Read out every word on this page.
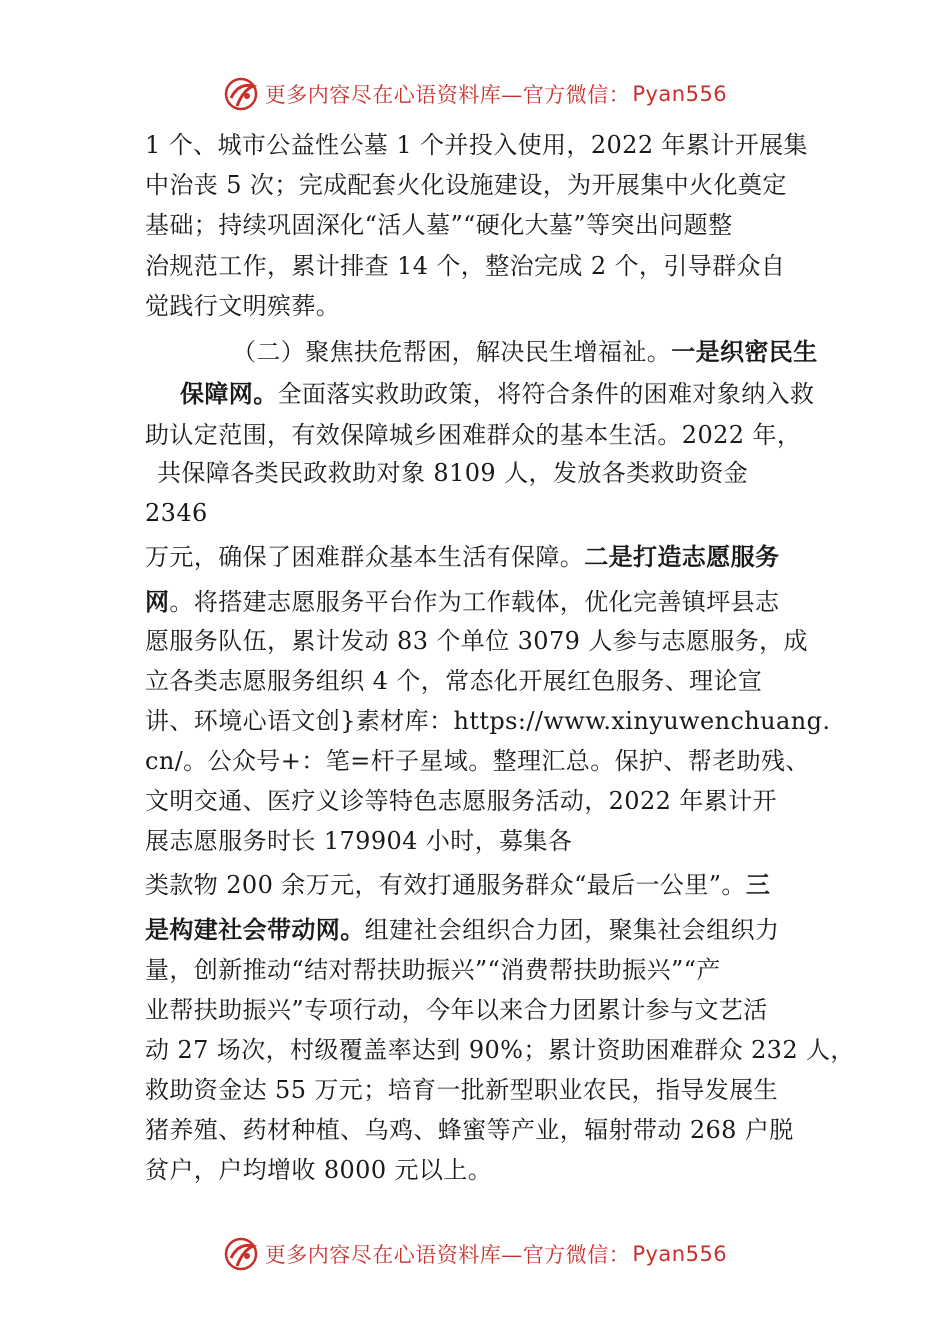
更多内容尽在心语资料库—官方微信： Pyan556
1 个、城市公益性公墓 1 个并投入使用，2022 年累计开展集
中治丧 5 次；完成配套火化设施建设，为开展集中火化奠定
基础；持续巩固深化“活人墓”“硬化大墓”等突出问题整
治规范工作，累计排查 14 个，整治完成 2 个，引导群众自
觉践行文明殡葬。
（二）聚焦扶危帮困，解决民生增福祉。一是织密民生
保障网。全面落实救助政策，将符合条件的困难对象纳入救
助认定范围，有效保障城乡困难群众的基本生活。2022 年，
共保障各类民政救助对象 8109 人，发放各类救助资金
2346
万元，确保了困难群众基本生活有保障。二是打造志愿服务
网。将搭建志愿服务平台作为工作载体，优化完善镇坪县志
愿服务队伍，累计发动 83 个单位 3079 人参与志愿服务，成
立各类志愿服务组织 4 个，常态化开展红色服务、理论宣
讲、环境心语文创}素材库：https://www.xinyuwenchuang.
cn/。公众号+：笔=杆子星域。整理汇总。保护、帮老助残、
文明交通、医疗义诊等特色志愿服务活动，2022 年累计开
展志愿服务时长 179904 小时，募集各
类款物 200 余万元，有效打通服务群众“最后一公里”。三
是构建社会带动网。组建社会组织合力团，聚集社会组织力
量，创新推动“结对帮扶助振兴”“消费帮扶助振兴”“产
业帮扶助振兴”专项行动，今年以来合力团累计参与文艺活
动 27 场次，村级覆盖率达到 90%；累计资助困难群众 232 人，
救助资金达 55 万元；培育一批新型职业农民，指导发展生
猪养殖、药材种植、乌鸡、蜂蜜等产业，辐射带动 268 户脱
贫户，户均增收 8000 元以上。
更多内容尽在心语资料库—官方微信： Pyan556
